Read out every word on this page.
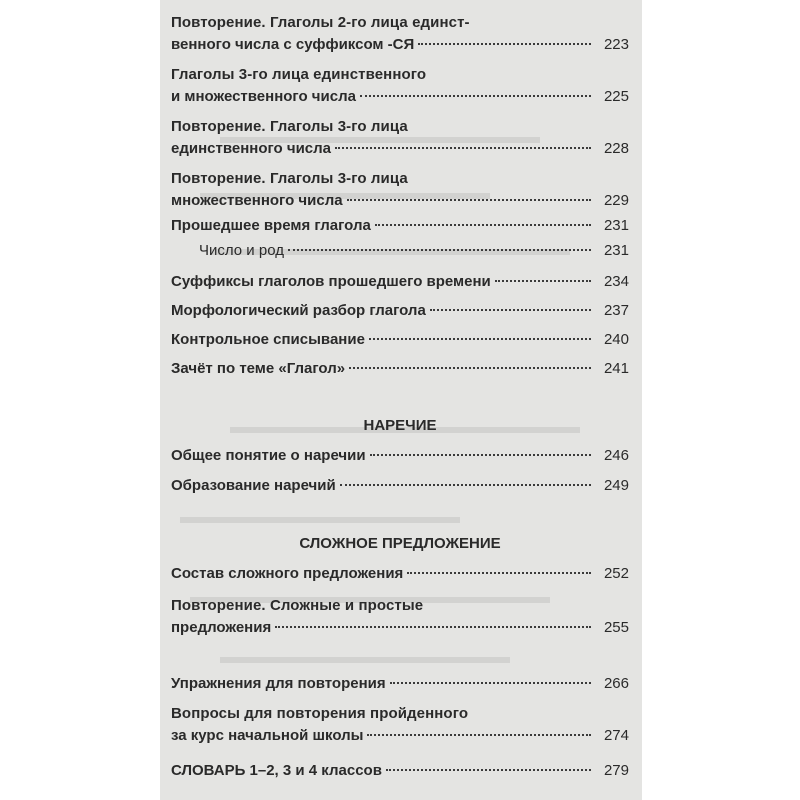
Повторение. Глаголы 2-го лица единст-
венного числа с суффиксом -СЯ	223
Глаголы 3-го лица единственного
и множественного числа	225
Повторение. Глаголы 3-го лица
единственного числа	228
Повторение. Глаголы 3-го лица
множественного числа	229
Прошедшее время глагола	231
Число и род	231
Суффиксы глаголов прошедшего времени	234
Морфологический разбор глагола	237
Контрольное списывание	240
Зачёт по теме «Глагол»	241
НАРЕЧИЕ
Общее понятие о наречии	246
Образование наречий	249
СЛОЖНОЕ ПРЕДЛОЖЕНИЕ
Состав сложного предложения	252
Повторение. Сложные и простые
предложения	255
Упражнения для повторения	266
Вопросы для повторения пройденного
за курс начальной школы	274
СЛОВАРЬ 1–2, 3 и 4 классов	279
